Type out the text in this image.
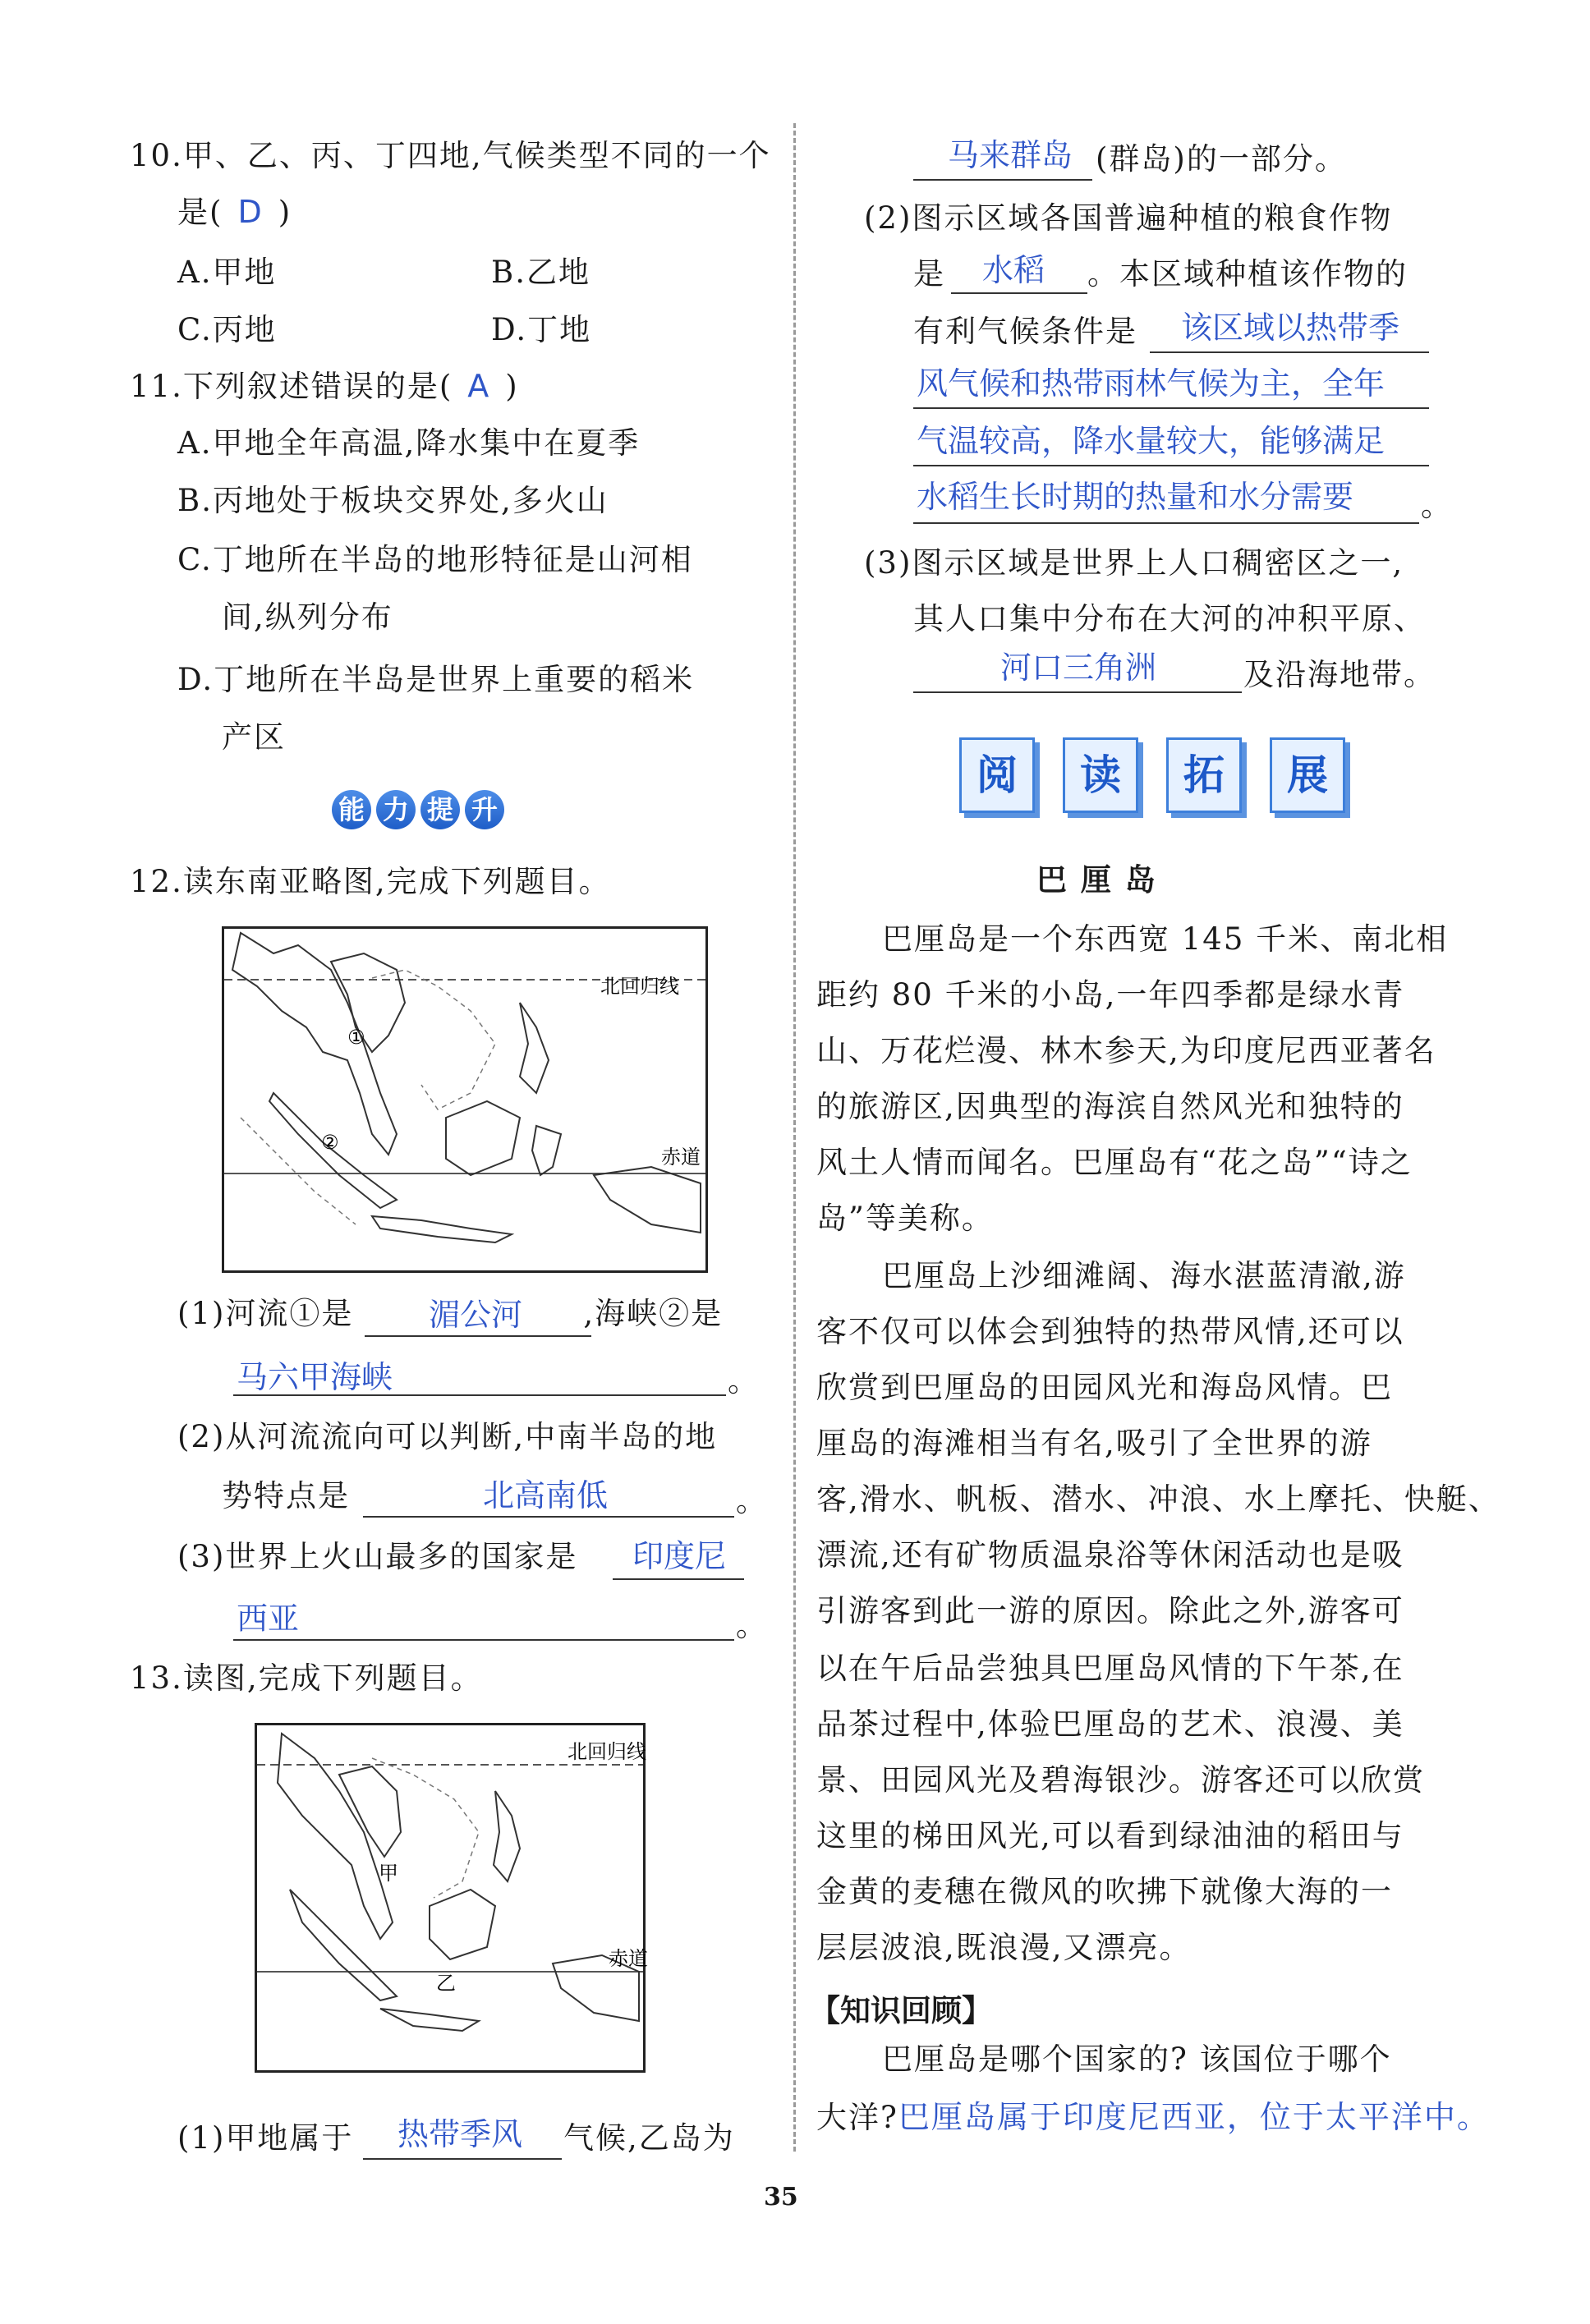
10.甲、乙、丙、丁四地,气候类型不同的一个
是( D )
A.甲地	B.乙地
C.丙地	D.丁地
11.下列叙述错误的是( A )
A.甲地全年高温,降水集中在夏季
B.丙地处于板块交界处,多火山
C.丁地所在半岛的地形特征是山河相
间,纵列分布
D.丁地所在半岛是世界上重要的稻米
产区
能 力 提 升
12.读东南亚略图,完成下列题目。
北回归线
赤道
①
②
(1)河流①是	,海峡②是
湄公河
马六甲海峡	。
(2)从河流流向可以判断,中南半岛的地
势特点是	北高南低	。
(3)世界上火山最多的国家是 印度尼
西亚	。
13.读图,完成下列题目。
北回归线
赤道
甲
乙
(1)甲地属于 热带季风 气候,乙岛为
马来群岛 (群岛)的一部分。
(2)图示区域各国普遍种植的粮食作物
是 水稻 。本区域种植该作物的
有利气候条件是 该区域以热带季
风气候和热带雨林气候为主，全年
气温较高，降水量较大，能够满足
水稻生长时期的热量和水分需要 。
(3)图示区域是世界上人口稠密区之一,
其人口集中分布在大河的冲积平原、
河口三角洲	及沿海地带。
阅 读 拓 展
巴 厘 岛
巴厘岛是一个东西宽 145 千米、南北相
距约 80 千米的小岛,一年四季都是绿水青
山、万花烂漫、林木参天,为印度尼西亚著名
的旅游区,因典型的海滨自然风光和独特的
风土人情而闻名。巴厘岛有“花之岛”“诗之
岛”等美称。
巴厘岛上沙细滩阔、海水湛蓝清澈,游
客不仅可以体会到独特的热带风情,还可以
欣赏到巴厘岛的田园风光和海岛风情。巴
厘岛的海滩相当有名,吸引了全世界的游
客,滑水、帆板、潜水、冲浪、水上摩托、快艇、
漂流,还有矿物质温泉浴等休闲活动也是吸
引游客到此一游的原因。除此之外,游客可
以在午后品尝独具巴厘岛风情的下午茶,在
品茶过程中,体验巴厘岛的艺术、浪漫、美
景、田园风光及碧海银沙。游客还可以欣赏
这里的梯田风光,可以看到绿油油的稻田与
金黄的麦穗在微风的吹拂下就像大海的一
层层波浪,既浪漫,又漂亮。
【知识回顾】
巴厘岛是哪个国家的? 该国位于哪个
大洋?巴厘岛属于印度尼西亚，位于太平洋中。
35
